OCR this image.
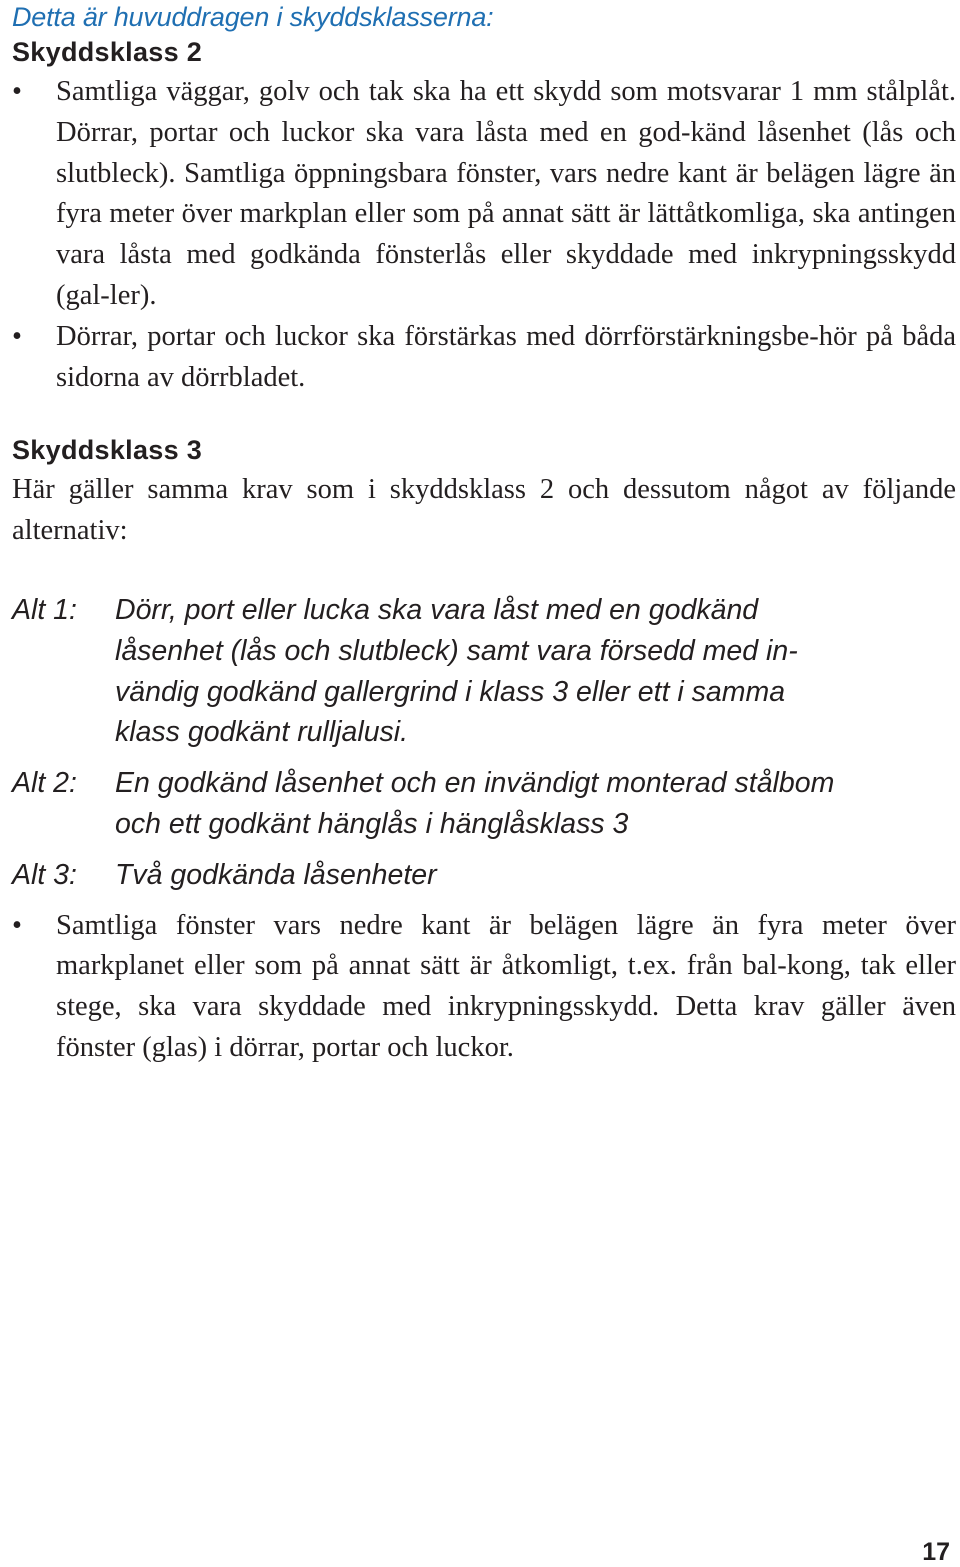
Detta är huvuddragen i skyddsklasserna:

Skyddsklass 2
•	Samtliga väggar, golv och tak ska ha ett skydd som motsvarar 1 mm stålplåt. Dörrar, portar och luckor ska vara låsta med en god-känd låsenhet (lås och slutbleck). Samtliga öppningsbara fönster, vars nedre kant är belägen lägre än fyra meter över markplan eller som på annat sätt är lättåtkomliga, ska antingen vara låsta med godkända fönsterlås eller skyddade med inkrypningsskydd (gal-ler).
•	Dörrar, portar och luckor ska förstärkas med dörrförstärkningsbe-hör på båda sidorna av dörrbladet.
Skyddsklass 3

Här gäller samma krav som i skyddsklass 2 och dessutom något av följande alternativ:

Alt 1:	Dörr, port eller lucka ska vara låst med en godkänd låsenhet (lås och slutbleck) samt vara försedd med in-vändig godkänd gallergrind i klass 3 eller ett i samma klass godkänt rulljalusi.
Alt 2:	En godkänd låsenhet och en invändigt monterad stålbom och ett godkänt hänglås i hänglåsklass 3
Alt 3:	Två godkända låsenheter
•	Samtliga fönster vars nedre kant är belägen lägre än fyra meter över markplanet eller som på annat sätt är åtkomligt, t.ex. från bal-kong, tak eller stege, ska vara skyddade med inkrypningsskydd. Detta krav gäller även fönster (glas) i dörrar, portar och luckor.
17
